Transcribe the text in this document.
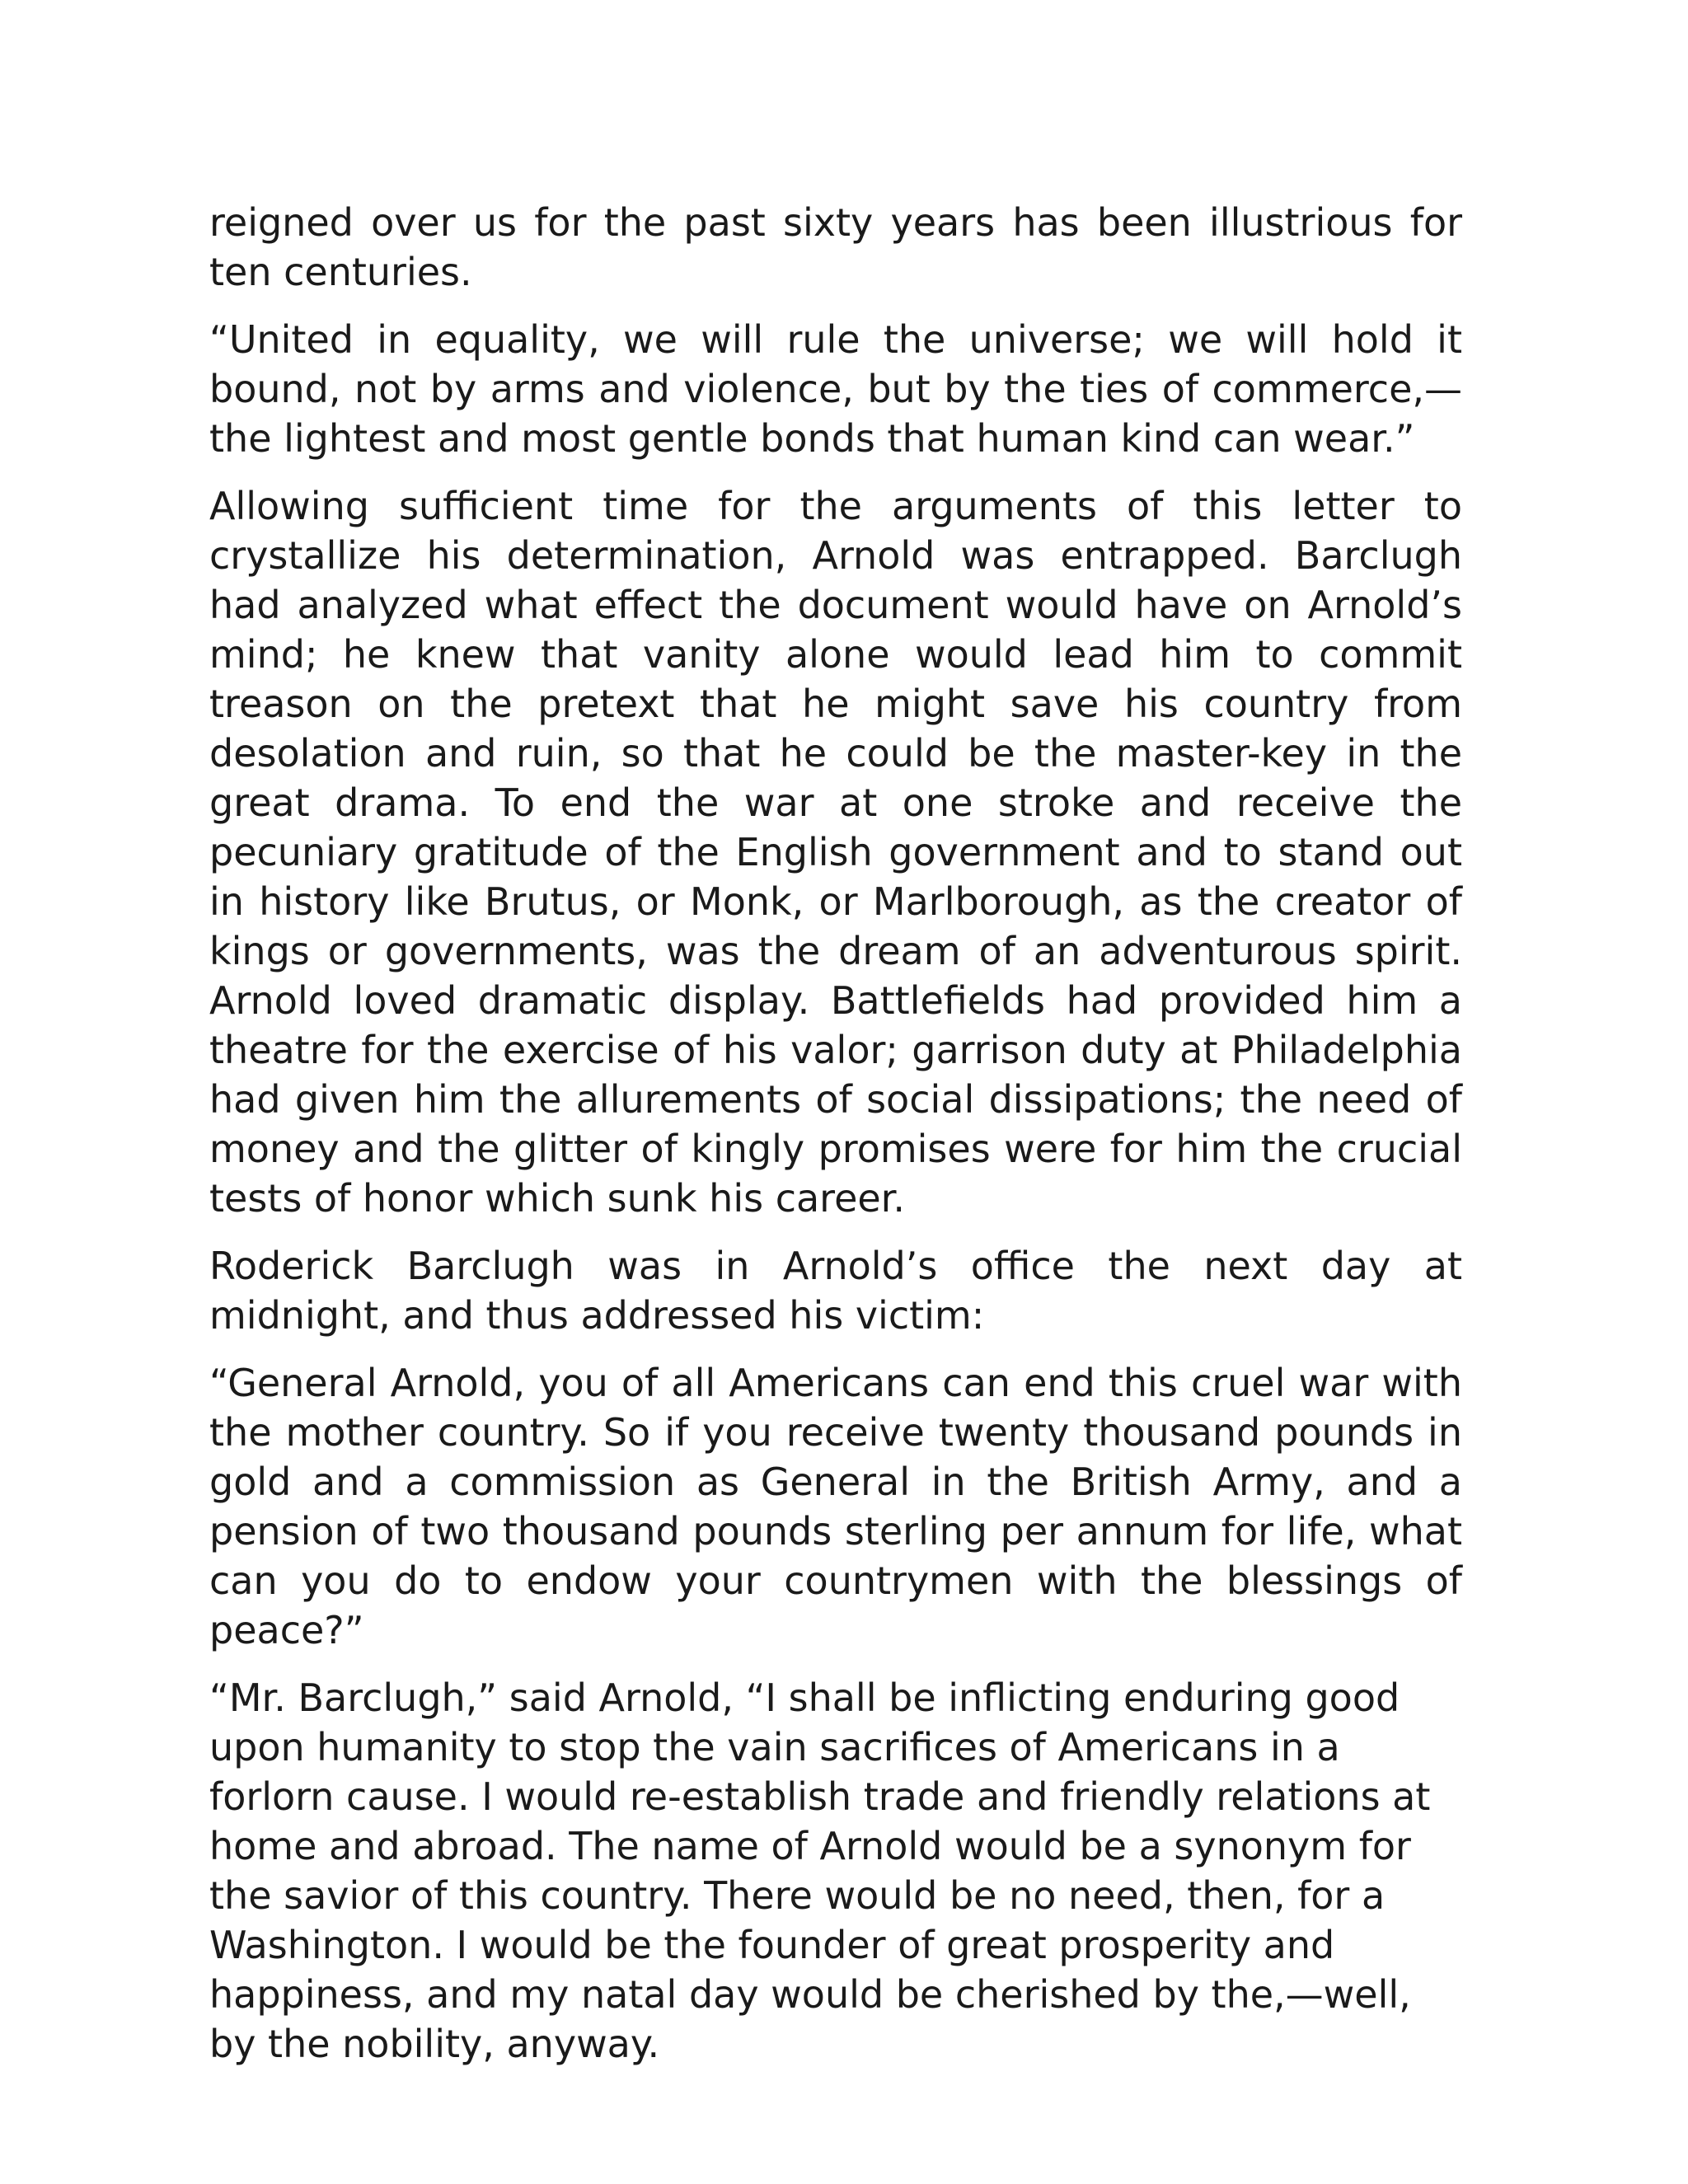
reigned over us for the past sixty years has been illustrious for ten centuries.

“United in equality, we will rule the universe; we will hold it bound, not by arms and violence, but by the ties of commerce,—the lightest and most gentle bonds that human kind can wear.”

Allowing sufficient time for the arguments of this letter to crystallize his determination, Arnold was entrapped. Barclugh had analyzed what effect the document would have on Arnold’s mind; he knew that vanity alone would lead him to commit treason on the pretext that he might save his country from desolation and ruin, so that he could be the master-key in the great drama. To end the war at one stroke and receive the pecuniary gratitude of the English government and to stand out in history like Brutus, or Monk, or Marlborough, as the creator of kings or governments, was the dream of an adventurous spirit. Arnold loved dramatic display. Battlefields had provided him a theatre for the exercise of his valor; garrison duty at Philadelphia had given him the allurements of social dissipations; the need of money and the glitter of kingly promises were for him the crucial tests of honor which sunk his career.

Roderick Barclugh was in Arnold’s office the next day at midnight, and thus addressed his victim:

“General Arnold, you of all Americans can end this cruel war with the mother country. So if you receive twenty thousand pounds in gold and a commission as General in the British Army, and a pension of two thousand pounds sterling per annum for life, what can you do to endow your countrymen with the blessings of peace?”

“Mr. Barclugh,” said Arnold, “I shall be inflicting enduring good upon humanity to stop the vain sacrifices of Americans in a forlorn cause. I would re-establish trade and friendly relations at home and abroad. The name of Arnold would be a synonym for the savior of this country. There would be no need, then, for a Washington. I would be the founder of great prosperity and happiness, and my natal day would be cherished by the,—well, by the nobility, anyway.
